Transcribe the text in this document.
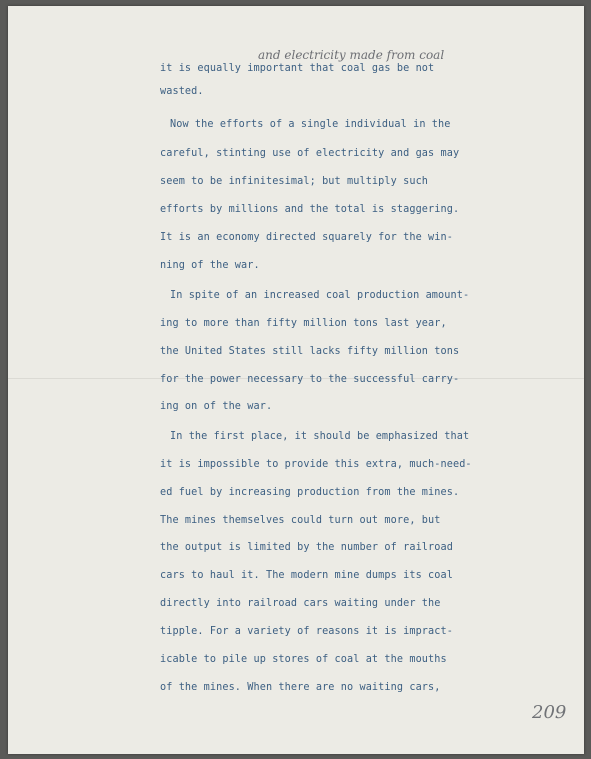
and electricity made from coal
it is equally important that coal gas be not
wasted.
Now the efforts of a single individual in the
careful, stinting use of electricity and gas may
seem to be infinitesimal; but multiply such
efforts by millions and the total is staggering.
It is an economy directed squarely for the win-
ning of the war.
In spite of an increased coal production amount-
ing to more than fifty million tons last year,
the United States still lacks fifty million tons
for the power necessary to the successful carry-
ing on of the war.
In the first place, it should be emphasized that
it is impossible to provide this extra, much-need-
ed fuel by increasing production from the mines.
The mines themselves could turn out more, but
the output is limited by the number of railroad
cars to haul it. The modern mine dumps its coal
directly into railroad cars waiting under the
tipple. For a variety of reasons it is impract-
icable to pile up stores of coal at the mouths
of the mines. When there are no waiting cars,
209
